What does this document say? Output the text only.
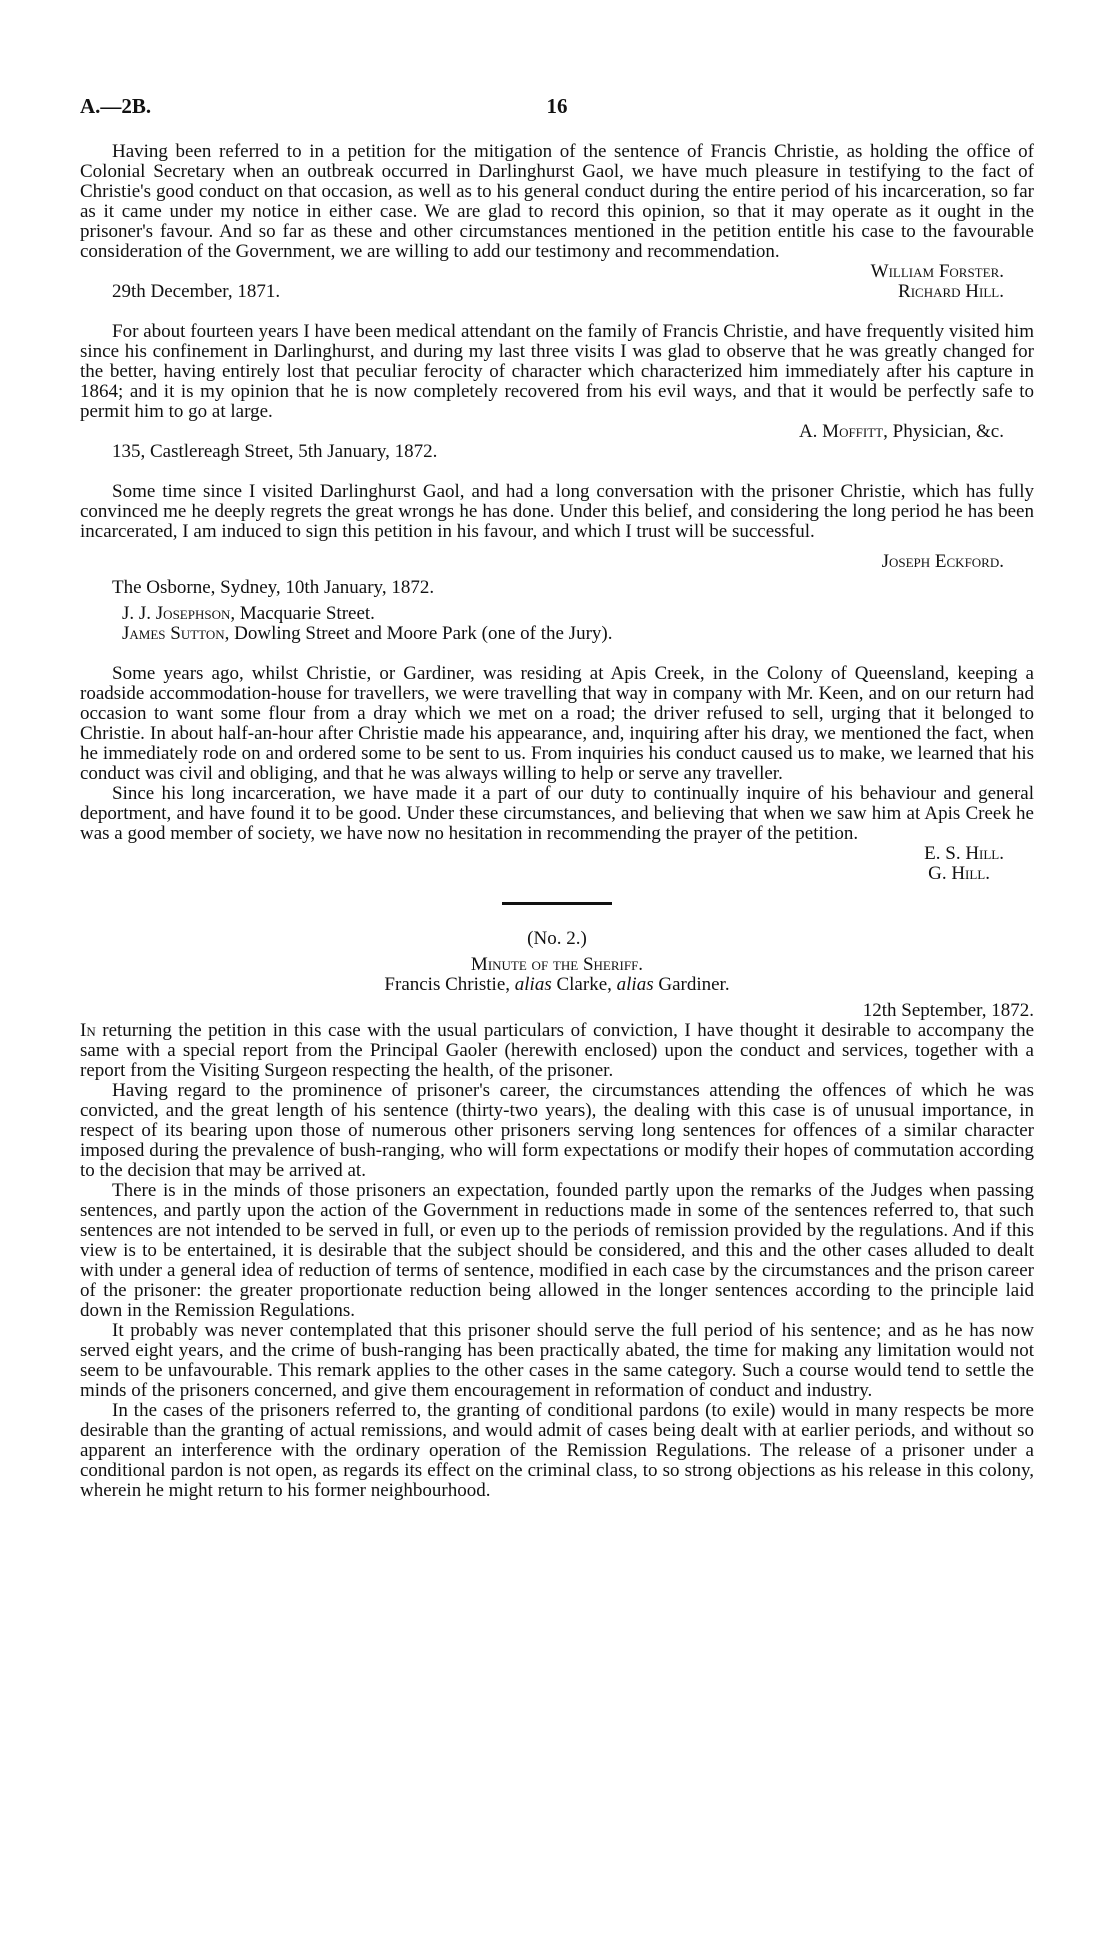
A.—2B.	16

Having been referred to in a petition for the mitigation of the sentence of Francis Christie, as holding the office of Colonial Secretary when an outbreak occurred in Darlinghurst Gaol, we have much pleasure in testifying to the fact of Christie's good conduct on that occasion, as well as to his general conduct during the entire period of his incarceration, so far as it came under my notice in either case. We are glad to record this opinion, so that it may operate as it ought in the prisoner's favour. And so far as these and other circumstances mentioned in the petition entitle his case to the favourable consideration of the Government, we are willing to add our testimony and recommendation.

William Forster.
29th December, 1871.	Richard Hill.

For about fourteen years I have been medical attendant on the family of Francis Christie, and have frequently visited him since his confinement in Darlinghurst, and during my last three visits I was glad to observe that he was greatly changed for the better, having entirely lost that peculiar ferocity of character which characterized him immediately after his capture in 1864; and it is my opinion that he is now completely recovered from his evil ways, and that it would be perfectly safe to permit him to go at large.

A. Moffitt, Physician, &c.
135, Castlereagh Street, 5th January, 1872.

Some time since I visited Darlinghurst Gaol, and had a long conversation with the prisoner Christie, which has fully convinced me he deeply regrets the great wrongs he has done. Under this belief, and considering the long period he has been incarcerated, I am induced to sign this petition in his favour, and which I trust will be successful.

Joseph Eckford.
The Osborne, Sydney, 10th January, 1872.
J. J. Josephson, Macquarie Street.
James Sutton, Dowling Street and Moore Park (one of the Jury).

Some years ago, whilst Christie, or Gardiner, was residing at Apis Creek, in the Colony of Queensland, keeping a roadside accommodation-house for travellers, we were travelling that way in company with Mr. Keen, and on our return had occasion to want some flour from a dray which we met on a road; the driver refused to sell, urging that it belonged to Christie. In about half-an-hour after Christie made his appearance, and, inquiring after his dray, we mentioned the fact, when he immediately rode on and ordered some to be sent to us. From inquiries his conduct caused us to make, we learned that his conduct was civil and obliging, and that he was always willing to help or serve any traveller.

Since his long incarceration, we have made it a part of our duty to continually inquire of his behaviour and general deportment, and have found it to be good. Under these circumstances, and believing that when we saw him at Apis Creek he was a good member of society, we have now no hesitation in recommending the prayer of the petition.

E. S. Hill.
G. Hill.
(No. 2.)
Minute of the Sheriff.
Francis Christie, alias Clarke, alias Gardiner.
12th September, 1872.

In returning the petition in this case with the usual particulars of conviction, I have thought it desirable to accompany the same with a special report from the Principal Gaoler (herewith enclosed) upon the conduct and services, together with a report from the Visiting Surgeon respecting the health, of the prisoner.

Having regard to the prominence of prisoner's career, the circumstances attending the offences of which he was convicted, and the great length of his sentence (thirty-two years), the dealing with this case is of unusual importance, in respect of its bearing upon those of numerous other prisoners serving long sentences for offences of a similar character imposed during the prevalence of bush-ranging, who will form expectations or modify their hopes of commutation according to the decision that may be arrived at.

There is in the minds of those prisoners an expectation, founded partly upon the remarks of the Judges when passing sentences, and partly upon the action of the Government in reductions made in some of the sentences referred to, that such sentences are not intended to be served in full, or even up to the periods of remission provided by the regulations. And if this view is to be entertained, it is desirable that the subject should be considered, and this and the other cases alluded to dealt with under a general idea of reduction of terms of sentence, modified in each case by the circumstances and the prison career of the prisoner: the greater proportionate reduction being allowed in the longer sentences according to the principle laid down in the Remission Regulations.

It probably was never contemplated that this prisoner should serve the full period of his sentence; and as he has now served eight years, and the crime of bush-ranging has been practically abated, the time for making any limitation would not seem to be unfavourable. This remark applies to the other cases in the same category. Such a course would tend to settle the minds of the prisoners concerned, and give them encouragement in reformation of conduct and industry.

In the cases of the prisoners referred to, the granting of conditional pardons (to exile) would in many respects be more desirable than the granting of actual remissions, and would admit of cases being dealt with at earlier periods, and without so apparent an interference with the ordinary operation of the Remission Regulations. The release of a prisoner under a conditional pardon is not open, as regards its effect on the criminal class, to so strong objections as his release in this colony, wherein he might return to his former neighbourhood.
